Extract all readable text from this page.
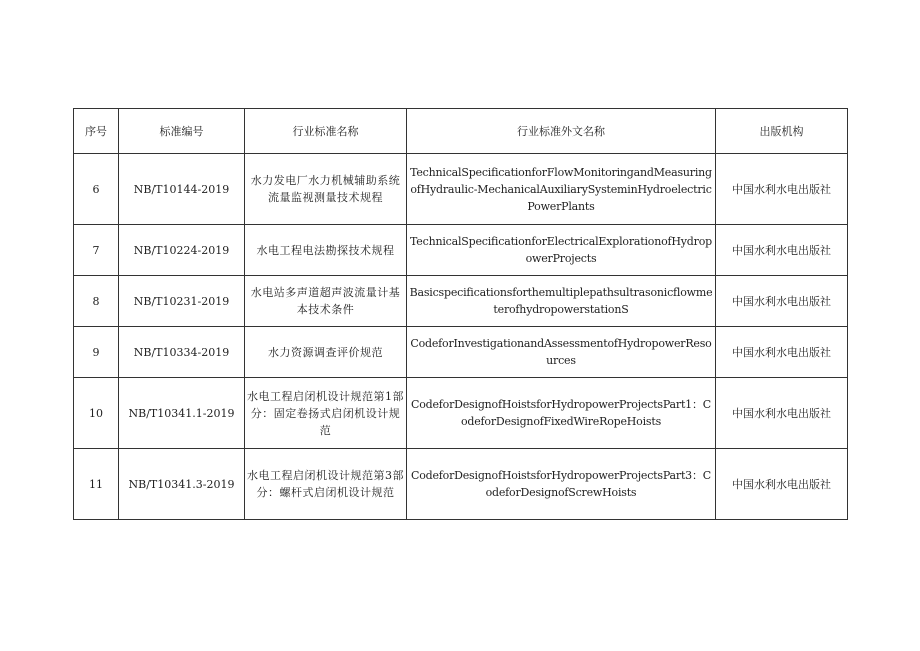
序号	标准编号	行业标准名称	行业标准外文名称	出版机构
6	NB/T10144-2019	水力发电厂水力机械辅助系统流量监视测量技术规程	TechnicalSpecificationforFlowMonitoringandMeasuringofHydraulic-MechanicalAuxiliarySysteminHydroelectricPowerPlants	中国水利水电出版社
7	NB/T10224-2019	水电工程电法勘探技术规程	TechnicalSpecificationforElectricalExplorationofHydropowerProjects	中国水利水电出版社
8	NB/T10231-2019	水电站多声道超声波流量计基本技术条件	BasicspecificationsforthemultiplepathsultrasonicflowmeterofhydropowerstationS	中国水利水电出版社
9	NB/T10334-2019	水力资源调查评价规范	CodeforInvestigationandAssessmentofHydropowerResources	中国水利水电出版社
10	NB/T10341.1-2019	水电工程启闭机设计规范第1部分：固定卷扬式启闭机设计规范	CodeforDesignofHoistsforHydropowerProjectsPart1：CodeforDesignofFixedWireRopeHoists	中国水利水电出版社
11	NB/T10341.3-2019	水电工程启闭机设计规范第3部分：螺杆式启闭机设计规范	CodeforDesignofHoistsforHydropowerProjectsPart3：CodeforDesignofScrewHoists	中国水利水电出版社
